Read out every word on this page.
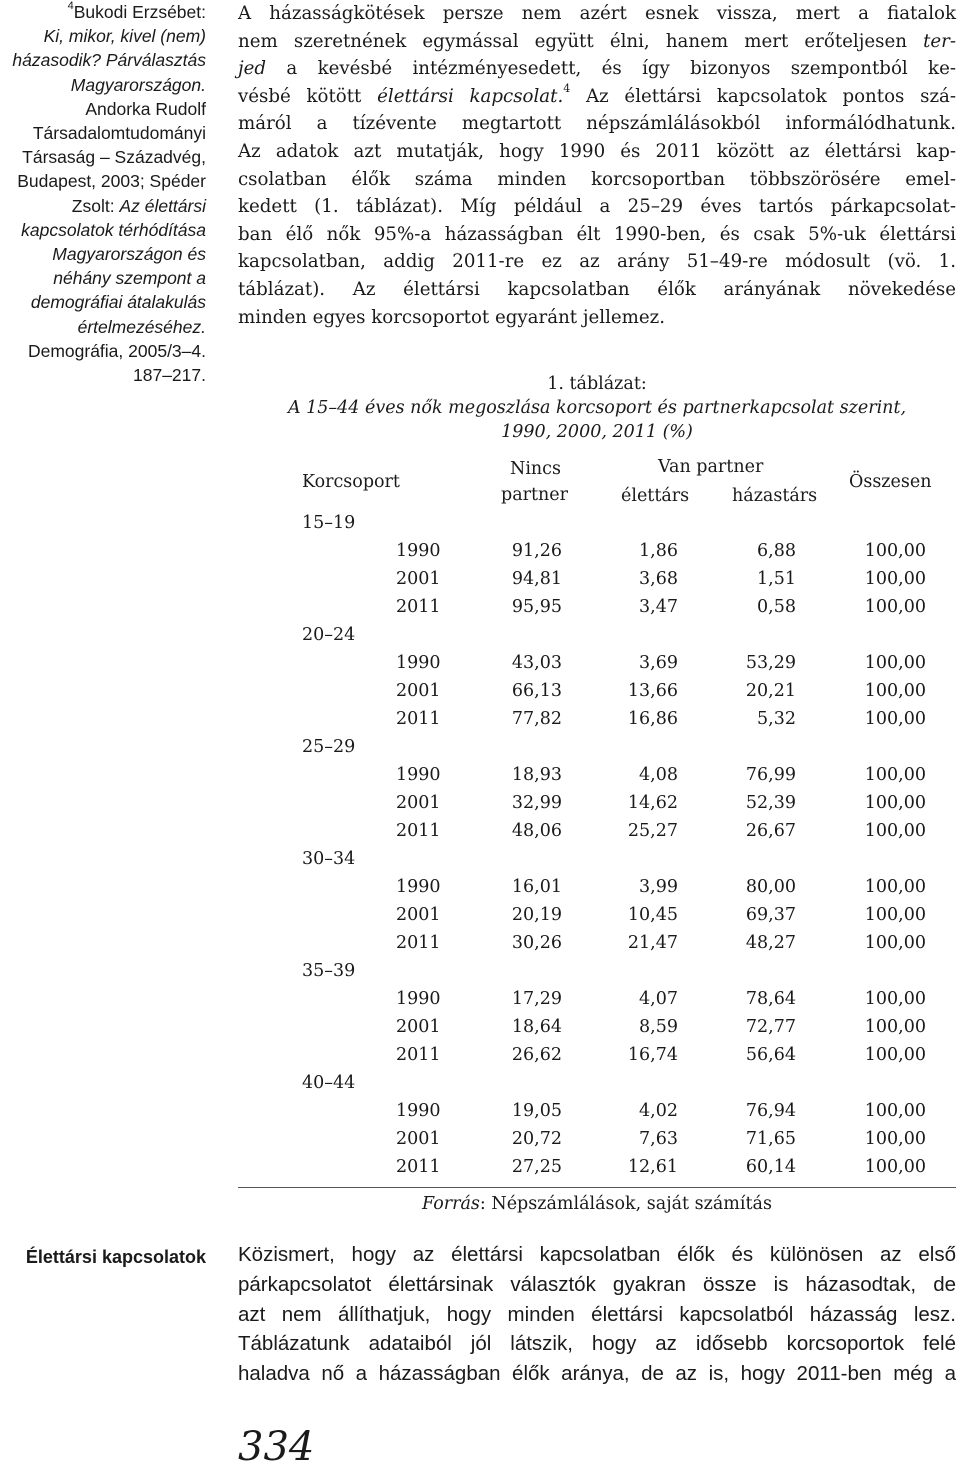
$^4$Bukodi Erzsébet:
Ki, mikor, kivel (nem)
házasodik? Párválasztás
Magyarországon.
Andorka Rudolf
Társadalomtudományi
Társaság – Századvég,
Budapest, 2003; Spéder
Zsolt: Az élettársi
kapcsolatok térhódítása
Magyarországon és
néhány szempont a
demográfiai átalakulás
értelmezéséhez.
Demográfia, 2005/3–4.
187–217.
Élettársi kapcsolatok
A házasságkötések persze nem azért esnek vissza, mert a fiatalok
nem szeretnének egymással együtt élni, hanem mert erőteljesen ter-
jed a kevésbé intézményesedett, és így bizonyos szempontból ke-
vésbé kötött élettársi kapcsolat.$^4$ Az élettársi kapcsolatok pontos szá-
máról a tízévente megtartott népszámlálásokból informálódhatunk.
Az adatok azt mutatják, hogy 1990 és 2011 között az élettársi kap-
csolatban élők száma minden korcsoportban többszörösére emel-
kedett (1. táblázat). Míg például a 25–29 éves tartós párkapcsolat-
ban élő nők 95%-a házasságban élt 1990-ben, és csak 5%-uk élettársi
kapcsolatban, addig 2011-re ez az arány 51–49-re módosult (vö. 1.
táblázat). Az élettársi kapcsolatban élők arányának növekedése
minden egyes korcsoportot egyaránt jellemez.
1. táblázat:
A 15–44 éves nők megoszlása korcsoport és partnerkapcsolat szerint,
1990, 2000, 2011 (%)
Korcsoport
Nincs
partner
Van partner
élettárs házastárs
Összesen
15–19
1990	91,26	1,86	6,88	100,00
2001	94,81	3,68	1,51	100,00
2011	95,95	3,47	0,58	100,00
20–24
1990	43,03	3,69	53,29	100,00
2001	66,13	13,66	20,21	100,00
2011	77,82	16,86	5,32	100,00
25–29
1990	18,93	4,08	76,99	100,00
2001	32,99	14,62	52,39	100,00
2011	48,06	25,27	26,67	100,00
30–34
1990	16,01	3,99	80,00	100,00
2001	20,19	10,45	69,37	100,00
2011	30,26	21,47	48,27	100,00
35–39
1990	17,29	4,07	78,64	100,00
2001	18,64	8,59	72,77	100,00
2011	26,62	16,74	56,64	100,00
40–44
1990	19,05	4,02	76,94	100,00
2001	20,72	7,63	71,65	100,00
2011	27,25	12,61	60,14	100,00
Forrás: Népszámlálások, saját számítás
Közismert, hogy az élettársi kapcsolatban élők és különösen az első
párkapcsolatot élettársinak választók gyakran össze is házasodtak, de
azt nem állíthatjuk, hogy minden élettársi kapcsolatból házasság lesz.
Táblázatunk adataiból jól látszik, hogy az idősebb korcsoportok felé
haladva nő a házasságban élők aránya, de az is, hogy 2011-ben még a
334
